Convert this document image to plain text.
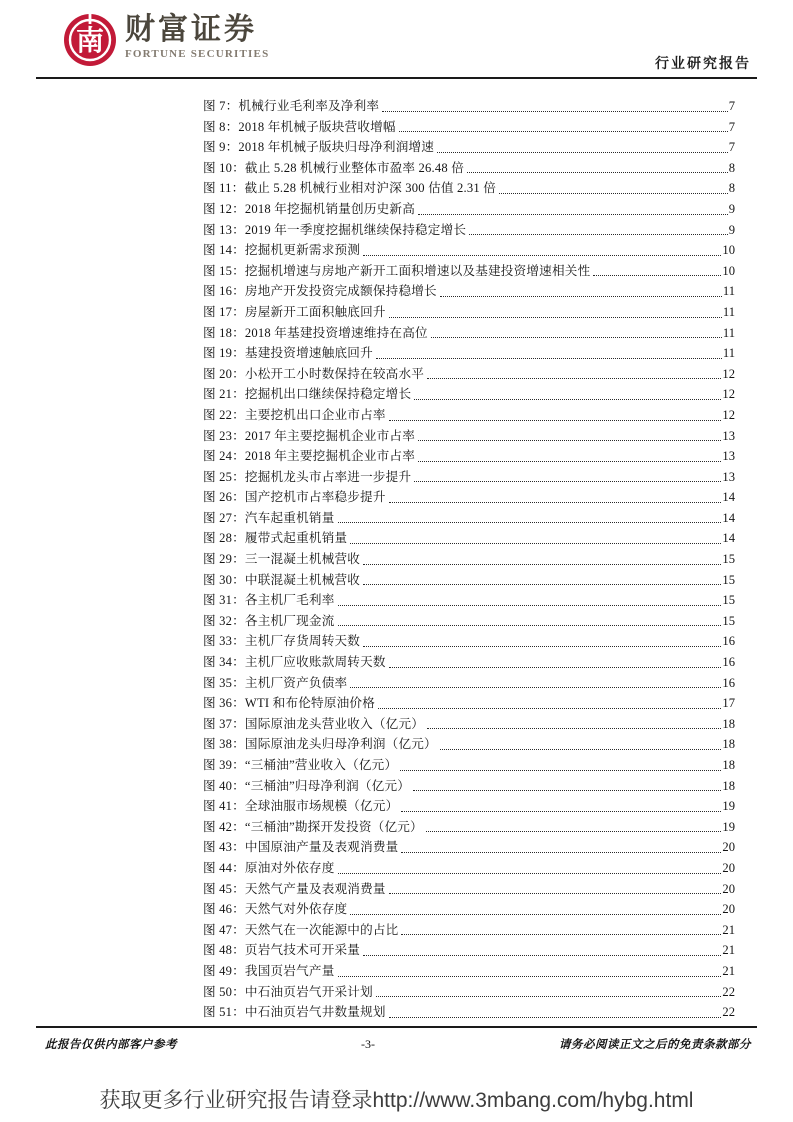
南 财富证券
FORTUNE SECURITIES
行业研究报告
图 7：机械行业毛利率及净利率	7
图 8：2018 年机械子版块营收增幅	7
图 9：2018 年机械子版块归母净利润增速	7
图 10：截止 5.28 机械行业整体市盈率 26.48 倍	8
图 11：截止 5.28 机械行业相对沪深 300 估值 2.31 倍	8
图 12：2018 年挖掘机销量创历史新高	9
图 13：2019 年一季度挖掘机继续保持稳定增长	9
图 14：挖掘机更新需求预测	10
图 15：挖掘机增速与房地产新开工面积增速以及基建投资增速相关性	10
图 16：房地产开发投资完成额保持稳增长	11
图 17：房屋新开工面积触底回升	11
图 18：2018 年基建投资增速维持在高位	11
图 19：基建投资增速触底回升	11
图 20：小松开工小时数保持在较高水平	12
图 21：挖掘机出口继续保持稳定增长	12
图 22：主要挖机出口企业市占率	12
图 23：2017 年主要挖掘机企业市占率	13
图 24：2018 年主要挖掘机企业市占率	13
图 25：挖掘机龙头市占率进一步提升	13
图 26：国产挖机市占率稳步提升	14
图 27：汽车起重机销量	14
图 28：履带式起重机销量	14
图 29：三一混凝土机械营收	15
图 30：中联混凝土机械营收	15
图 31：各主机厂毛利率	15
图 32：各主机厂现金流	15
图 33：主机厂存货周转天数	16
图 34：主机厂应收账款周转天数	16
图 35：主机厂资产负债率	16
图 36：WTI 和布伦特原油价格	17
图 37：国际原油龙头营业收入（亿元）	18
图 38：国际原油龙头归母净利润（亿元）	18
图 39：“三桶油”营业收入（亿元）	18
图 40：“三桶油”归母净利润（亿元）	18
图 41：全球油服市场规模（亿元）	19
图 42：“三桶油”勘探开发投资（亿元）	19
图 43：中国原油产量及表观消费量	20
图 44：原油对外依存度	20
图 45：天然气产量及表观消费量	20
图 46：天然气对外依存度	20
图 47：天然气在一次能源中的占比	21
图 48：页岩气技术可开采量	21
图 49：我国页岩气产量	21
图 50：中石油页岩气开采计划	22
图 51：中石油页岩气井数量规划	22
此报告仅供内部客户参考	-3-	请务必阅读正文之后的免责条款部分
获取更多行业研究报告请登录http://www.3mbang.com/hybg.html
